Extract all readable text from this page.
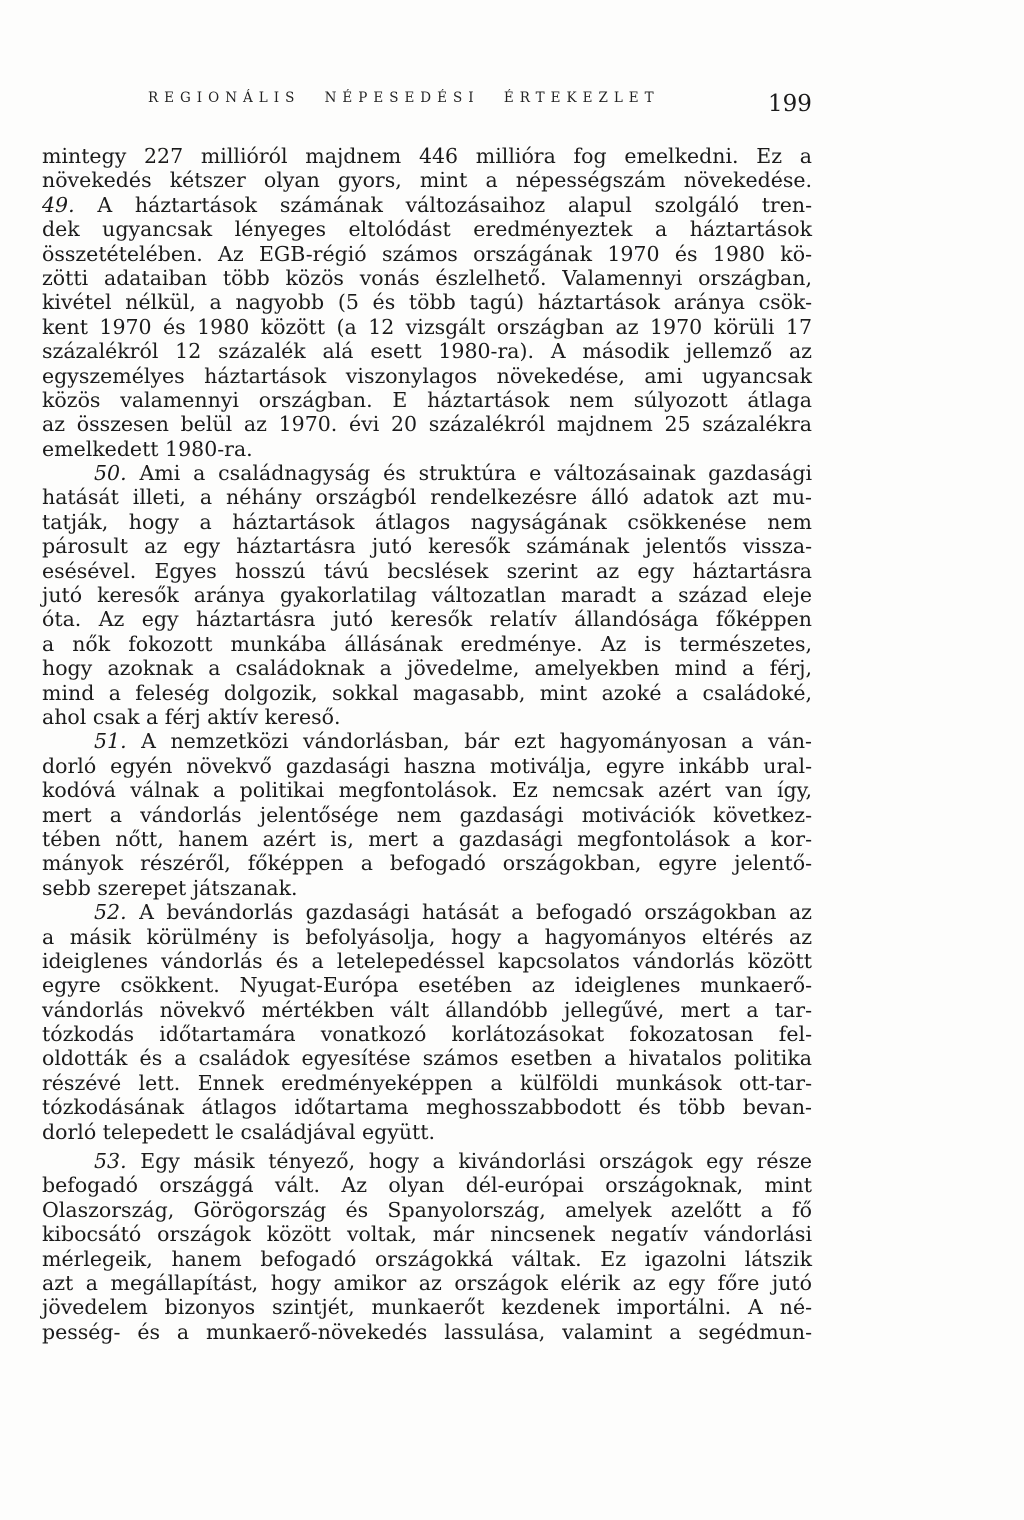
REGIONÁLIS NÉPESEDÉSI ÉRTEKEZLET	199
mintegy 227 millióról majdnem 446 millióra fog emelkedni. Ez a
növekedés kétszer olyan gyors, mint a népességszám növekedése.
49. A háztartások számának változásaihoz alapul szolgáló tren-
dek ugyancsak lényeges eltolódást eredményeztek a háztartások
összetételében. Az EGB-régió számos országának 1970 és 1980 kö-
zötti adataiban több közös vonás észlelhető. Valamennyi országban,
kivétel nélkül, a nagyobb (5 és több tagú) háztartások aránya csök-
kent 1970 és 1980 között (a 12 vizsgált országban az 1970 körüli 17
százalékról 12 százalék alá esett 1980-ra). A második jellemző az
egyszemélyes háztartások viszonylagos növekedése, ami ugyancsak
közös valamennyi országban. E háztartások nem súlyozott átlaga
az összesen belül az 1970. évi 20 százalékról majdnem 25 százalékra
emelkedett 1980-ra.
50. Ami a családnagyság és struktúra e változásainak gazdasági
hatását illeti, a néhány országból rendelkezésre álló adatok azt mu-
tatják, hogy a háztartások átlagos nagyságának csökkenése nem
párosult az egy háztartásra jutó keresők számának jelentős vissza-
esésével. Egyes hosszú távú becslések szerint az egy háztartásra
jutó keresők aránya gyakorlatilag változatlan maradt a század eleje
óta. Az egy háztartásra jutó keresők relatív állandósága főképpen
a nők fokozott munkába állásának eredménye. Az is természetes,
hogy azoknak a családoknak a jövedelme, amelyekben mind a férj,
mind a feleség dolgozik, sokkal magasabb, mint azoké a családoké,
ahol csak a férj aktív kereső.
51. A nemzetközi vándorlásban, bár ezt hagyományosan a ván-
dorló egyén növekvő gazdasági haszna motiválja, egyre inkább ural-
kodóvá válnak a politikai megfontolások. Ez nemcsak azért van így,
mert a vándorlás jelentősége nem gazdasági motivációk következ-
tében nőtt, hanem azért is, mert a gazdasági megfontolások a kor-
mányok részéről, főképpen a befogadó országokban, egyre jelentő-
sebb szerepet játszanak.
52. A bevándorlás gazdasági hatását a befogadó országokban az
a másik körülmény is befolyásolja, hogy a hagyományos eltérés az
ideiglenes vándorlás és a letelepedéssel kapcsolatos vándorlás között
egyre csökkent. Nyugat-Európa esetében az ideiglenes munkaerő-
vándorlás növekvő mértékben vált állandóbb jellegűvé, mert a tar-
tózkodás időtartamára vonatkozó korlátozásokat fokozatosan fel-
oldották és a családok egyesítése számos esetben a hivatalos politika
részévé lett. Ennek eredményeképpen a külföldi munkások ott-tar-
tózkodásának átlagos időtartama meghosszabbodott és több bevan-
dorló telepedett le családjával együtt.
53. Egy másik tényező, hogy a kivándorlási országok egy része
befogadó országgá vált. Az olyan dél-európai országoknak, mint
Olaszország, Görögország és Spanyolország, amelyek azelőtt a fő
kibocsátó országok között voltak, már nincsenek negatív vándorlási
mérlegeik, hanem befogadó országokká váltak. Ez igazolni látszik
azt a megállapítást, hogy amikor az országok elérik az egy főre jutó
jövedelem bizonyos szintjét, munkaerőt kezdenek importálni. A né-
pesség- és a munkaerő-növekedés lassulása, valamint a segédmun-
